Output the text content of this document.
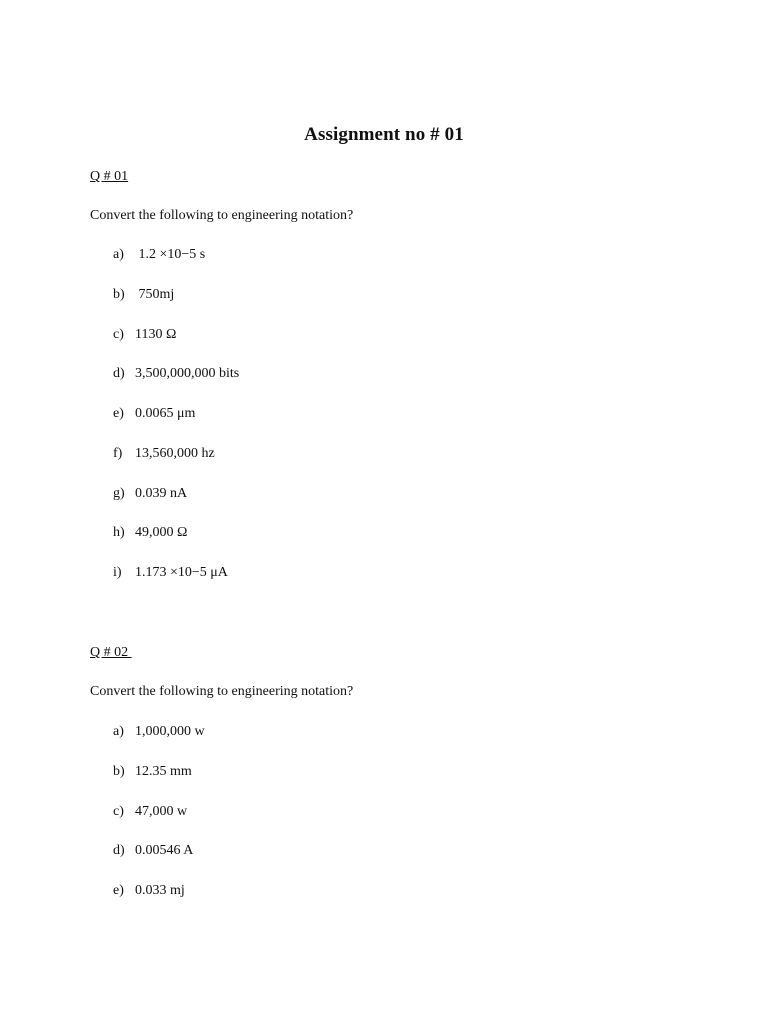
Assignment no # 01
Q # 01
Convert the following to engineering notation?
a) 1.2 ×10−5 s
b) 750mj
c) 1130 Ω
d) 3,500,000,000 bits
e) 0.0065 μm
f) 13,560,000 hz
g) 0.039 nA
h) 49,000 Ω
i) 1.173 ×10−5 μA
Q # 02
Convert the following to engineering notation?
a) 1,000,000 w
b) 12.35 mm
c) 47,000 w
d) 0.00546 A
e) 0.033 mj
